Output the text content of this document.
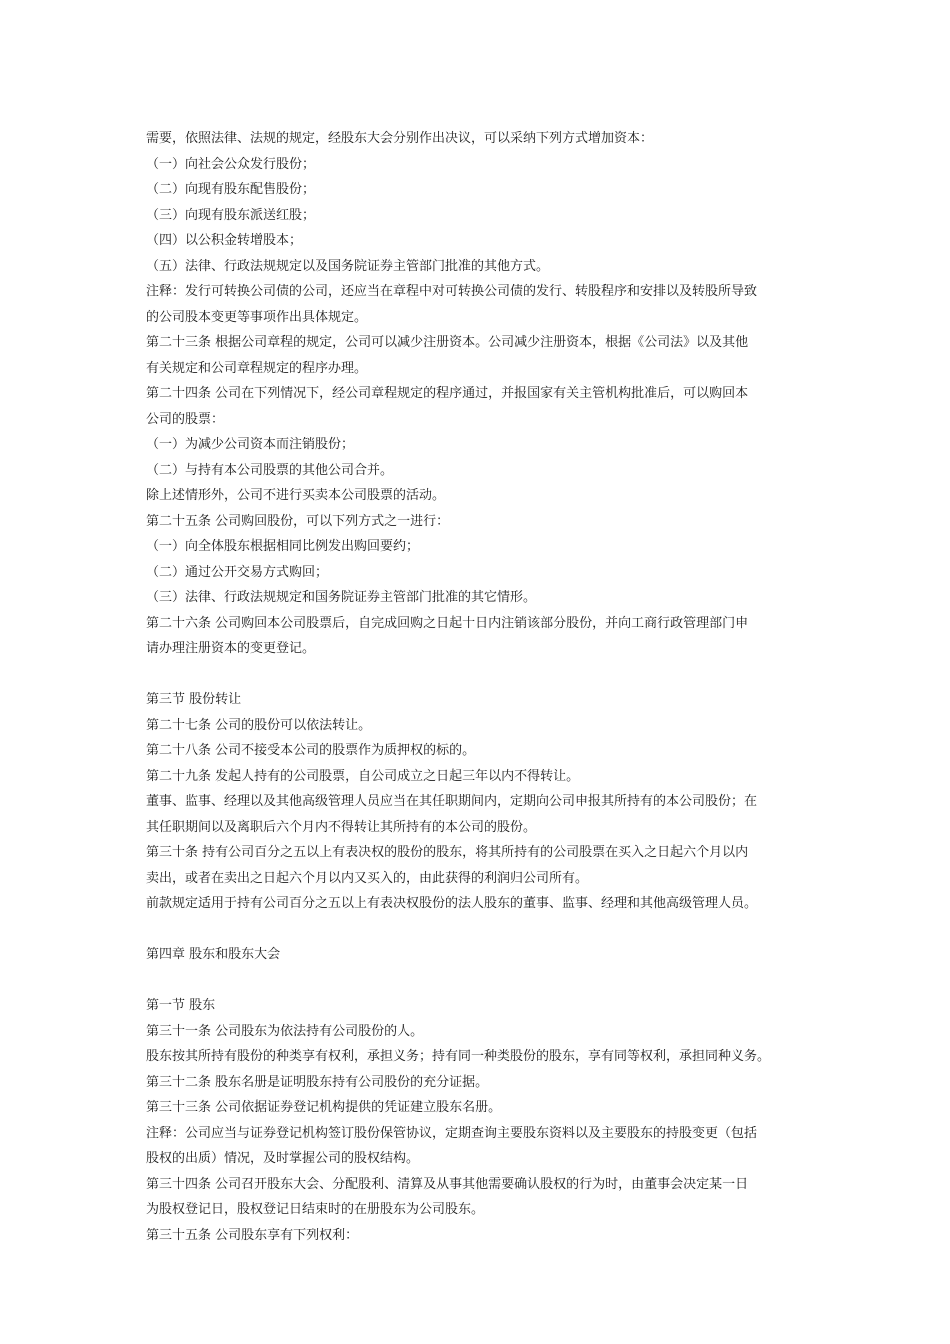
需要，依照法律、法规的规定，经股东大会分别作出决议，可以采纳下列方式增加资本：
（一）向社会公众发行股份；
（二）向现有股东配售股份；
（三）向现有股东派送红股；
（四）以公积金转增股本；
（五）法律、行政法规规定以及国务院证券主管部门批准的其他方式。
注释：发行可转换公司债的公司，还应当在章程中对可转换公司债的发行、转股程序和安排以及转股所导致
的公司股本变更等事项作出具体规定。
第二十三条 根据公司章程的规定，公司可以减少注册资本。公司减少注册资本，根据《公司法》以及其他
有关规定和公司章程规定的程序办理。
第二十四条 公司在下列情况下，经公司章程规定的程序通过，并报国家有关主管机构批准后，可以购回本
公司的股票：
（一）为减少公司资本而注销股份；
（二）与持有本公司股票的其他公司合并。
除上述情形外，公司不进行买卖本公司股票的活动。
第二十五条 公司购回股份，可以下列方式之一进行：
（一）向全体股东根据相同比例发出购回要约；
（二）通过公开交易方式购回；
（三）法律、行政法规规定和国务院证券主管部门批准的其它情形。
第二十六条 公司购回本公司股票后，自完成回购之日起十日内注销该部分股份，并向工商行政管理部门申
请办理注册资本的变更登记。
第三节 股份转让
第二十七条 公司的股份可以依法转让。
第二十八条 公司不接受本公司的股票作为质押权的标的。
第二十九条 发起人持有的公司股票，自公司成立之日起三年以内不得转让。
董事、监事、经理以及其他高级管理人员应当在其任职期间内，定期向公司申报其所持有的本公司股份；在
其任职期间以及离职后六个月内不得转让其所持有的本公司的股份。
第三十条 持有公司百分之五以上有表决权的股份的股东，将其所持有的公司股票在买入之日起六个月以内
卖出，或者在卖出之日起六个月以内又买入的，由此获得的利润归公司所有。
前款规定适用于持有公司百分之五以上有表决权股份的法人股东的董事、监事、经理和其他高级管理人员。
第四章 股东和股东大会
第一节 股东
第三十一条 公司股东为依法持有公司股份的人。
股东按其所持有股份的种类享有权利，承担义务；持有同一种类股份的股东，享有同等权利，承担同种义务。
第三十二条 股东名册是证明股东持有公司股份的充分证据。
第三十三条 公司依据证券登记机构提供的凭证建立股东名册。
注释：公司应当与证券登记机构签订股份保管协议，定期查询主要股东资料以及主要股东的持股变更（包括
股权的出质）情况，及时掌握公司的股权结构。
第三十四条 公司召开股东大会、分配股利、清算及从事其他需要确认股权的行为时，由董事会决定某一日
为股权登记日，股权登记日结束时的在册股东为公司股东。
第三十五条 公司股东享有下列权利：
